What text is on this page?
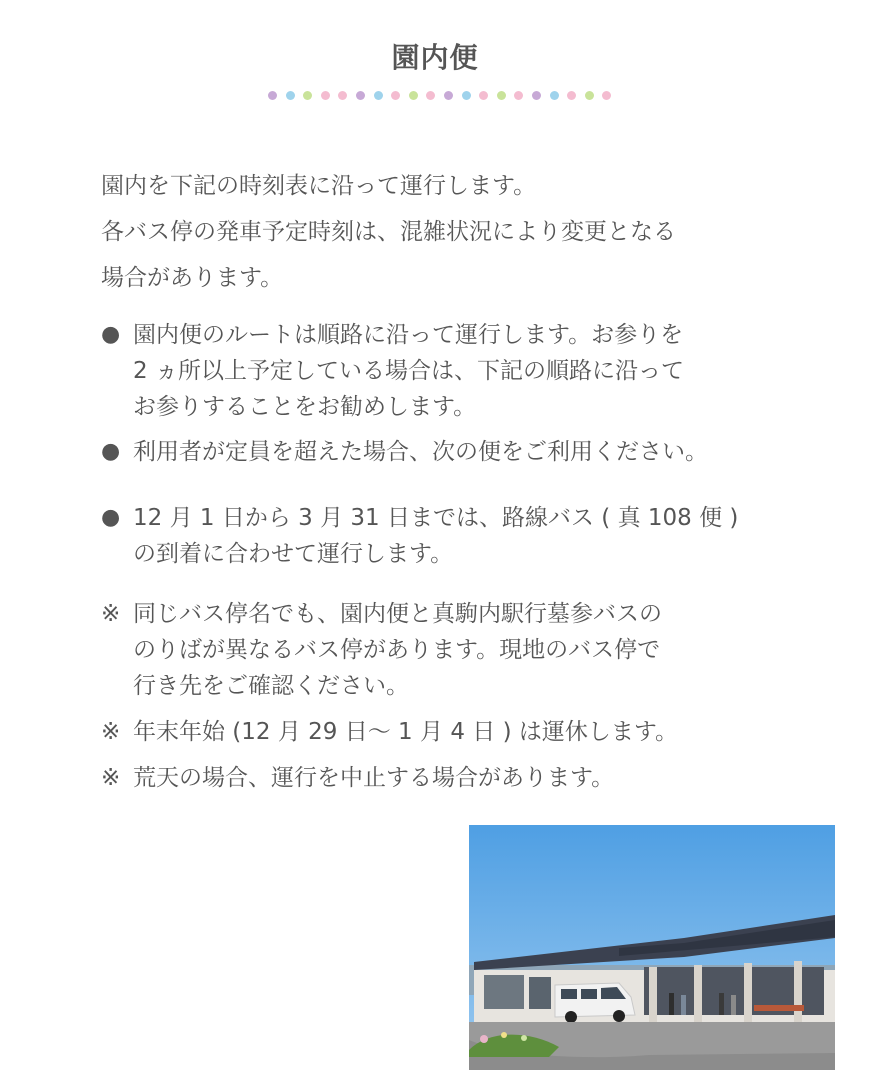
園内便

園内を下記の時刻表に沿って運行します。

各バス停の発車予定時刻は、混雑状況により変更となる

場合があります。

● 園内便のルートは順路に沿って運行します。お参りを

2 ヵ所以上予定している場合は、下記の順路に沿って

お参りすることをお勧めします。

● 利用者が定員を超えた場合、次の便をご利用ください。

● 12 月 1 日から 3 月 31 日までは、路線バス ( 真 108 便 )

の到着に合わせて運行します。

※ 同じバス停名でも、園内便と真駒内駅行墓参バスの

のりばが異なるバス停があります。現地のバス停で

行き先をご確認ください。

※ 年末年始 (12 月 29 日〜 1 月 4 日 ) は運休します。

※ 荒天の場合、運行を中止する場合があります。
